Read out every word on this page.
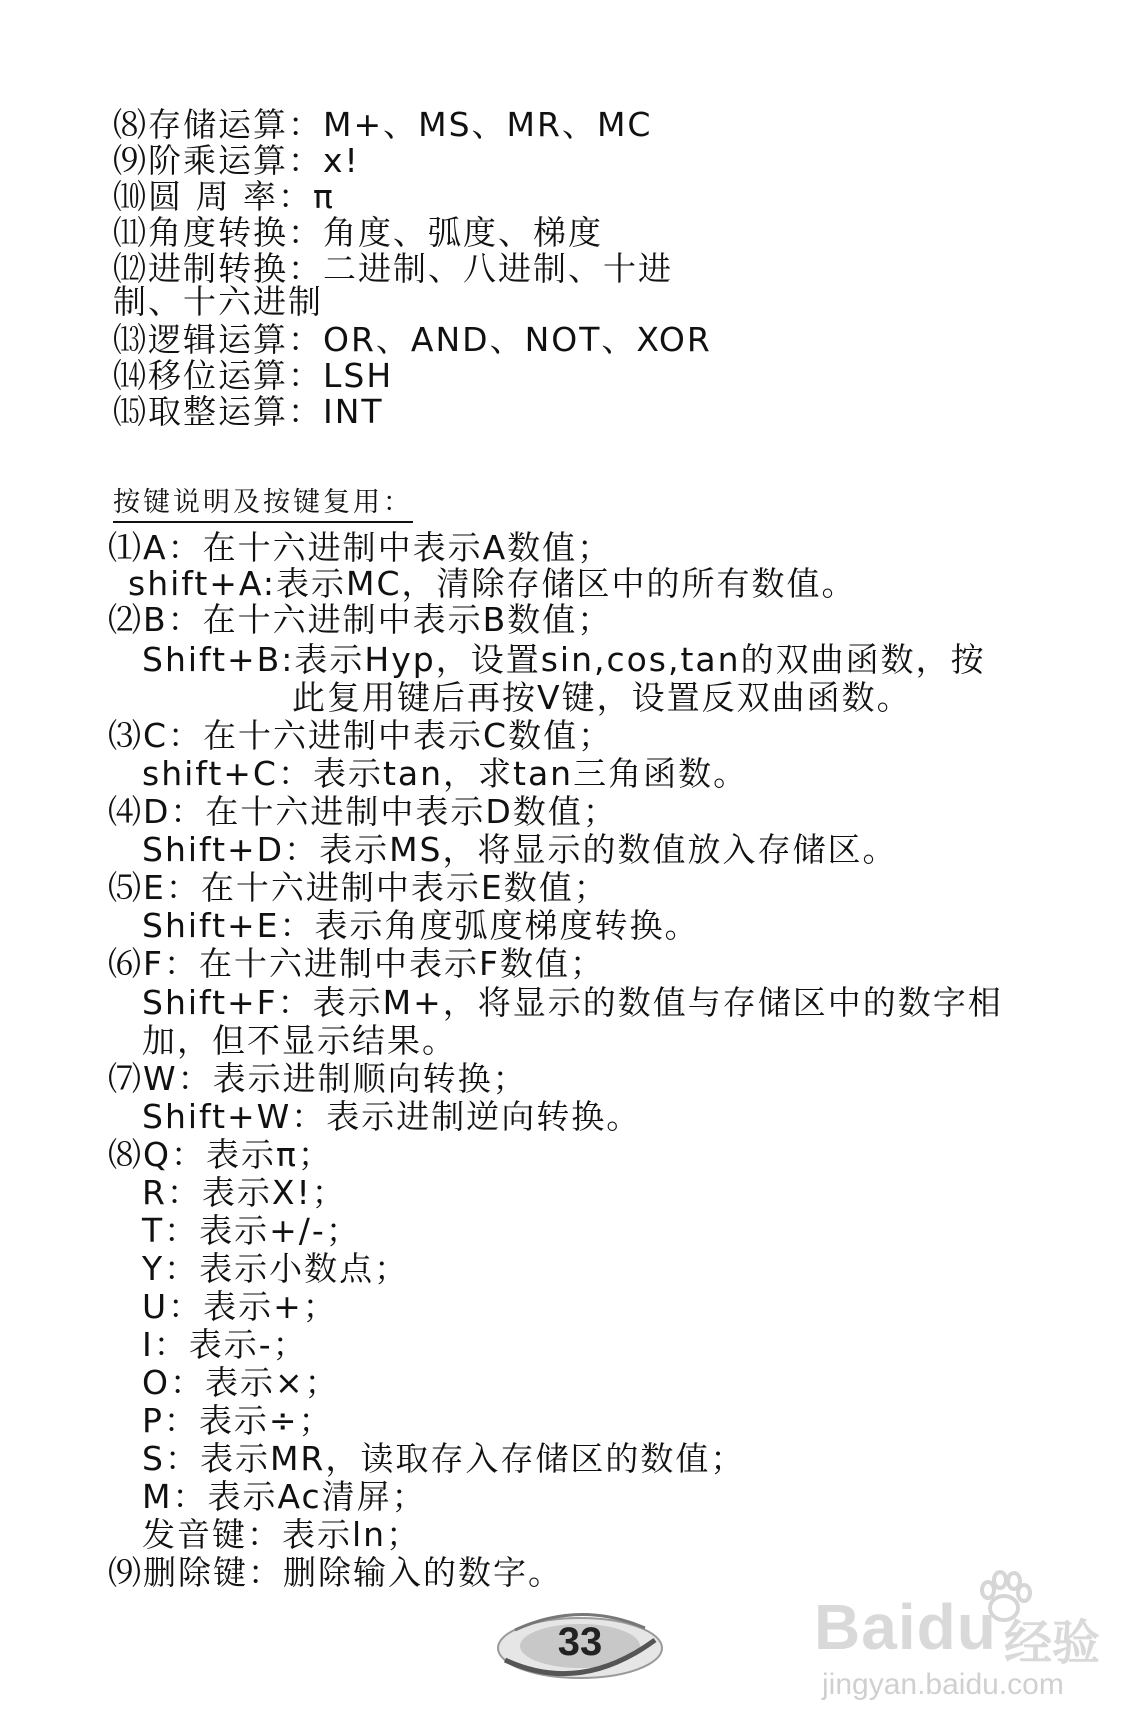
⑻存储运算：M+、MS、MR、MC
⑼阶乘运算：x!
⑽圆 周 率：π
⑾角度转换：角度、弧度、梯度
⑿进制转换：二进制、八进制、十进
制、十六进制
⒀逻辑运算：OR、AND、NOT、XOR
⒁移位运算：LSH
⒂取整运算：INT
按键说明及按键复用：
⑴A：在十六进制中表示A数值；
shift+A:表示MC，清除存储区中的所有数值。
⑵B：在十六进制中表示B数值；
Shift+B:表示Hyp，设置sin,cos,tan的双曲函数，按
此复用键后再按V键，设置反双曲函数。
⑶C：在十六进制中表示C数值；
shift+C：表示tan，求tan三角函数。
⑷D：在十六进制中表示D数值；
Shift+D：表示MS，将显示的数值放入存储区。
⑸E：在十六进制中表示E数值；
Shift+E：表示角度弧度梯度转换。
⑹F：在十六进制中表示F数值；
Shift+F：表示M+，将显示的数值与存储区中的数字相
加，但不显示结果。
⑺W：表示进制顺向转换；
Shift+W：表示进制逆向转换。
⑻Q：表示π；
R：表示X!；
T：表示+/-；
Y：表示小数点；
U：表示+；
I：表示-；
O：表示×；
P：表示÷；
S：表示MR，读取存入存储区的数值；
M：表示Ac清屏；
发音键：表示ln；
⑼删除键：删除输入的数字。
33	Baidu 经验
jingyan.baidu.com
